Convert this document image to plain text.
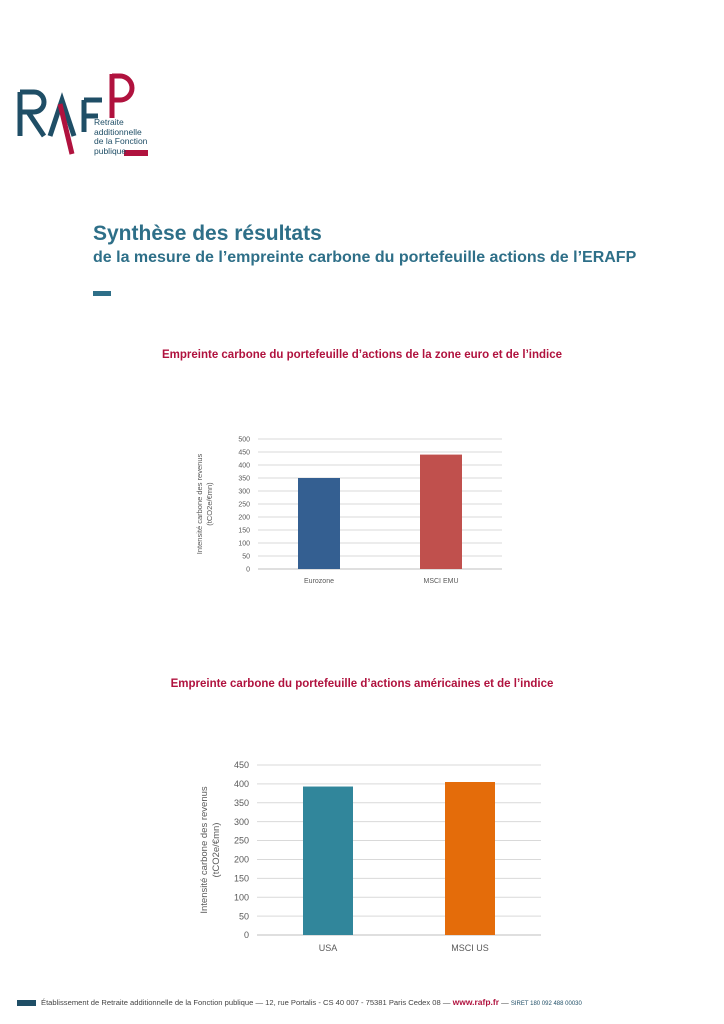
Retraite
additionnelle
de la Fonction
publique
Synthèse des résultats
de la mesure de l’empreinte carbone du portefeuille actions de l’ERAFP
Empreinte carbone du portefeuille d’actions de la zone euro et de l’indice
0
50
100
150
200
250
300
350
400
450
500
Eurozone	MSCI EMU
Intensité carbone des revenus (tCO2e/€mn)
Empreinte carbone du portefeuille d’actions américaines et de l’indice
0
50
100
150
200
250
300
350
400
450
USA	MSCI US
Intensité carbone des revenus (tCO2e/€mn)
Établissement de Retraite additionnelle de la Fonction publique — 12, rue Portalis - CS 40 007 - 75381 Paris Cedex 08 — www.rafp.fr — SIRET 180 092 488 00030
